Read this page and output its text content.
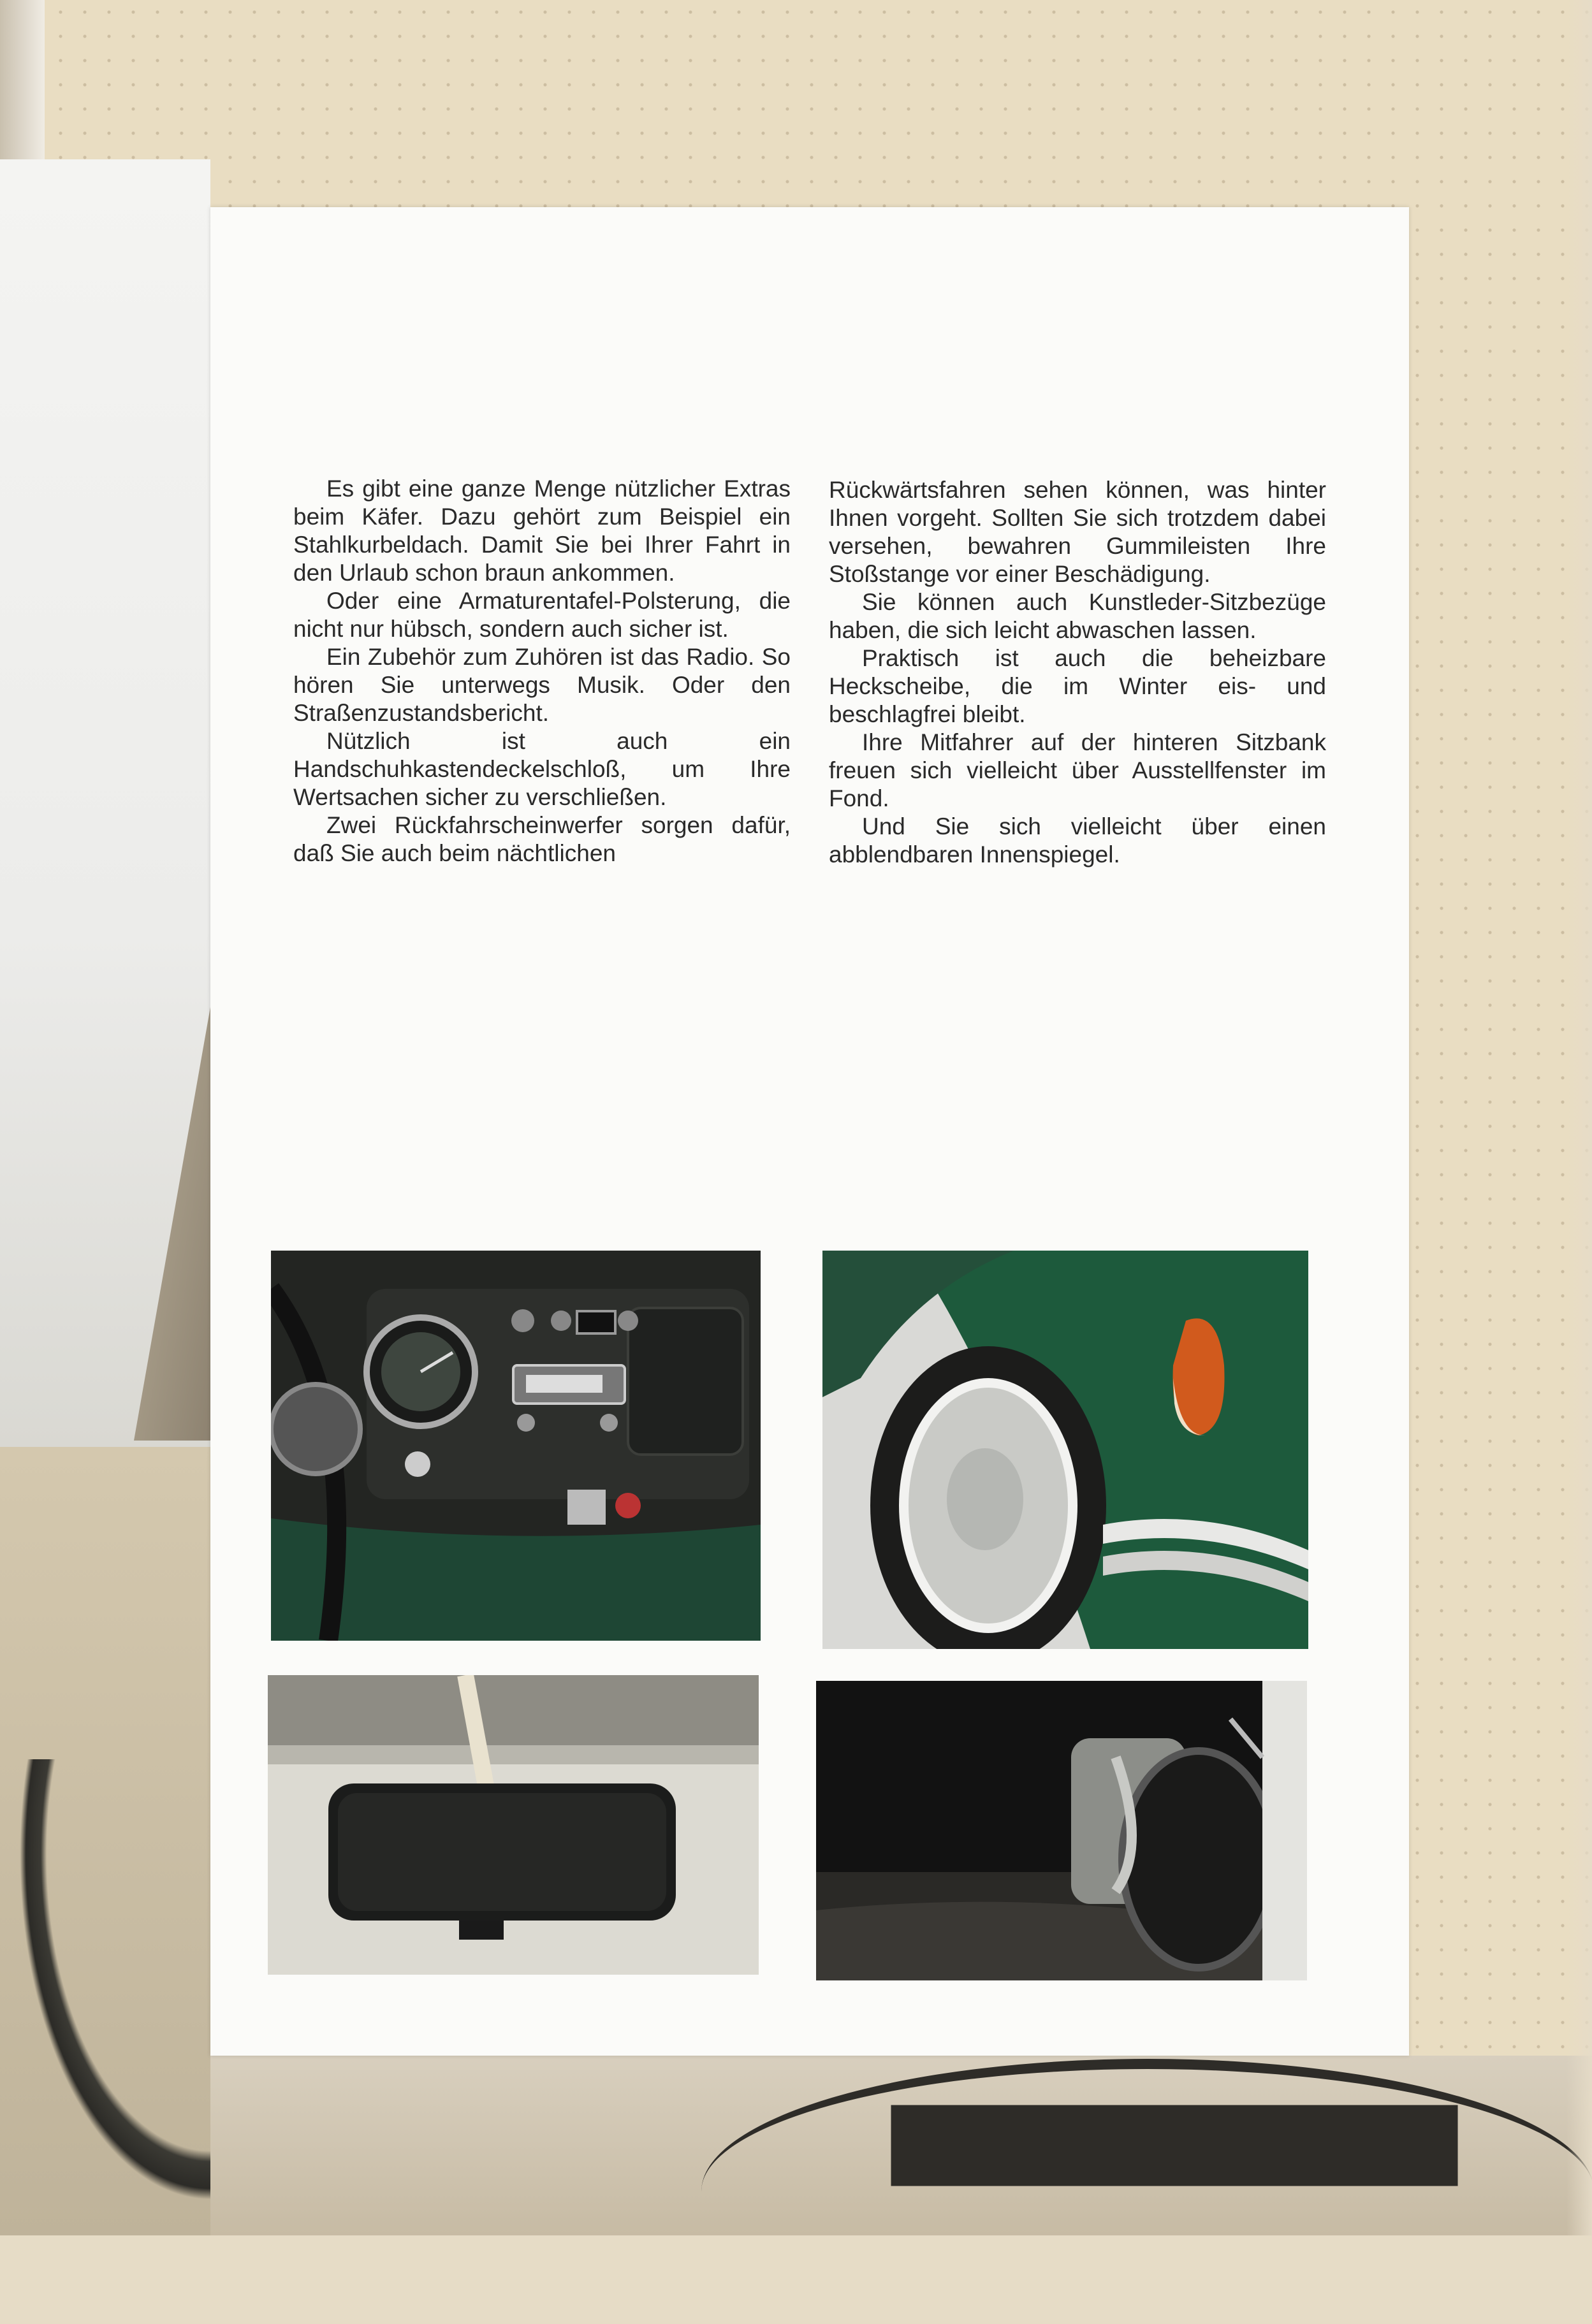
Es gibt eine ganze Menge nützlicher Extras beim Käfer. Dazu gehört zum Beispiel ein Stahlkurbeldach. Damit Sie bei Ihrer Fahrt in den Urlaub schon braun ankommen.

Oder eine Armaturentafel-Polsterung, die nicht nur hübsch, sondern auch sicher ist.

Ein Zubehör zum Zuhören ist das Radio. So hören Sie unterwegs Musik. Oder den Straßenzustandsbericht.

Nützlich ist auch ein Handschuhkastendeckelschloß, um Ihre Wertsachen sicher zu verschließen.

Zwei Rückfahrscheinwerfer sorgen dafür, daß Sie auch beim nächtlichen

Rückwärtsfahren sehen können, was hinter Ihnen vorgeht. Sollten Sie sich trotzdem dabei versehen, bewahren Gummileisten Ihre Stoßstange vor einer Beschädigung.

Sie können auch Kunstleder-Sitzbezüge haben, die sich leicht abwaschen lassen.

Praktisch ist auch die beheizbare Heckscheibe, die im Winter eis- und beschlagfrei bleibt.

Ihre Mitfahrer auf der hinteren Sitzbank freuen sich vielleicht über Ausstellfenster im Fond.

Und Sie sich vielleicht über einen abblendbaren Innenspiegel.
